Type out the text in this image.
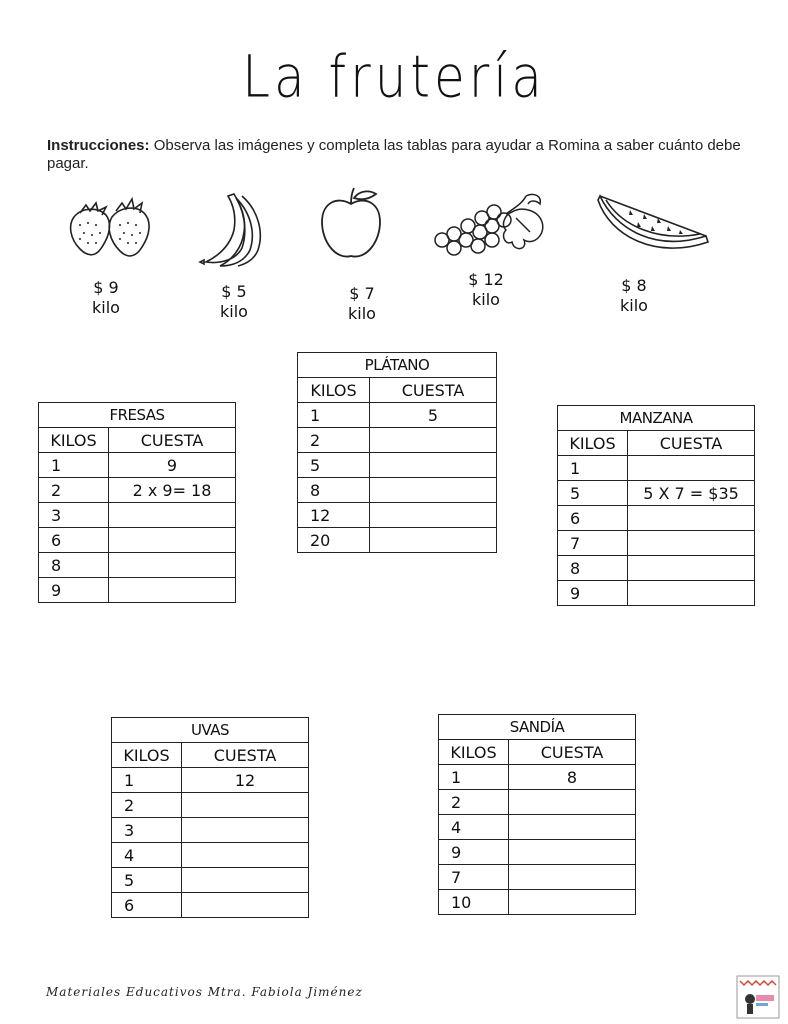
La frutería
Instrucciones: Observa las imágenes y completa las tablas para ayudar a Romina a saber cuánto debe pagar.
$ 9
kilo
$ 5
kilo
$ 7
kilo
$ 12
kilo
$ 8
kilo
FRESAS	
KILOS	CUESTA
1	9
2	2 x 9= 18
3	
6	
8	
9	
PLÁTANO	
KILOS	CUESTA
1	5
2	
5	
8	
12	
20	
MANZANA	
KILOS	CUESTA
1	
5	5 X 7 = $35
6	
7	
8	
9	
UVAS	
KILOS	CUESTA
1	12
2	
3	
4	
5	
6	
SANDÍA	
KILOS	CUESTA
1	8
2	
4	
9	
7	
10	
Materiales Educativos Mtra. Fabiola Jiménez
